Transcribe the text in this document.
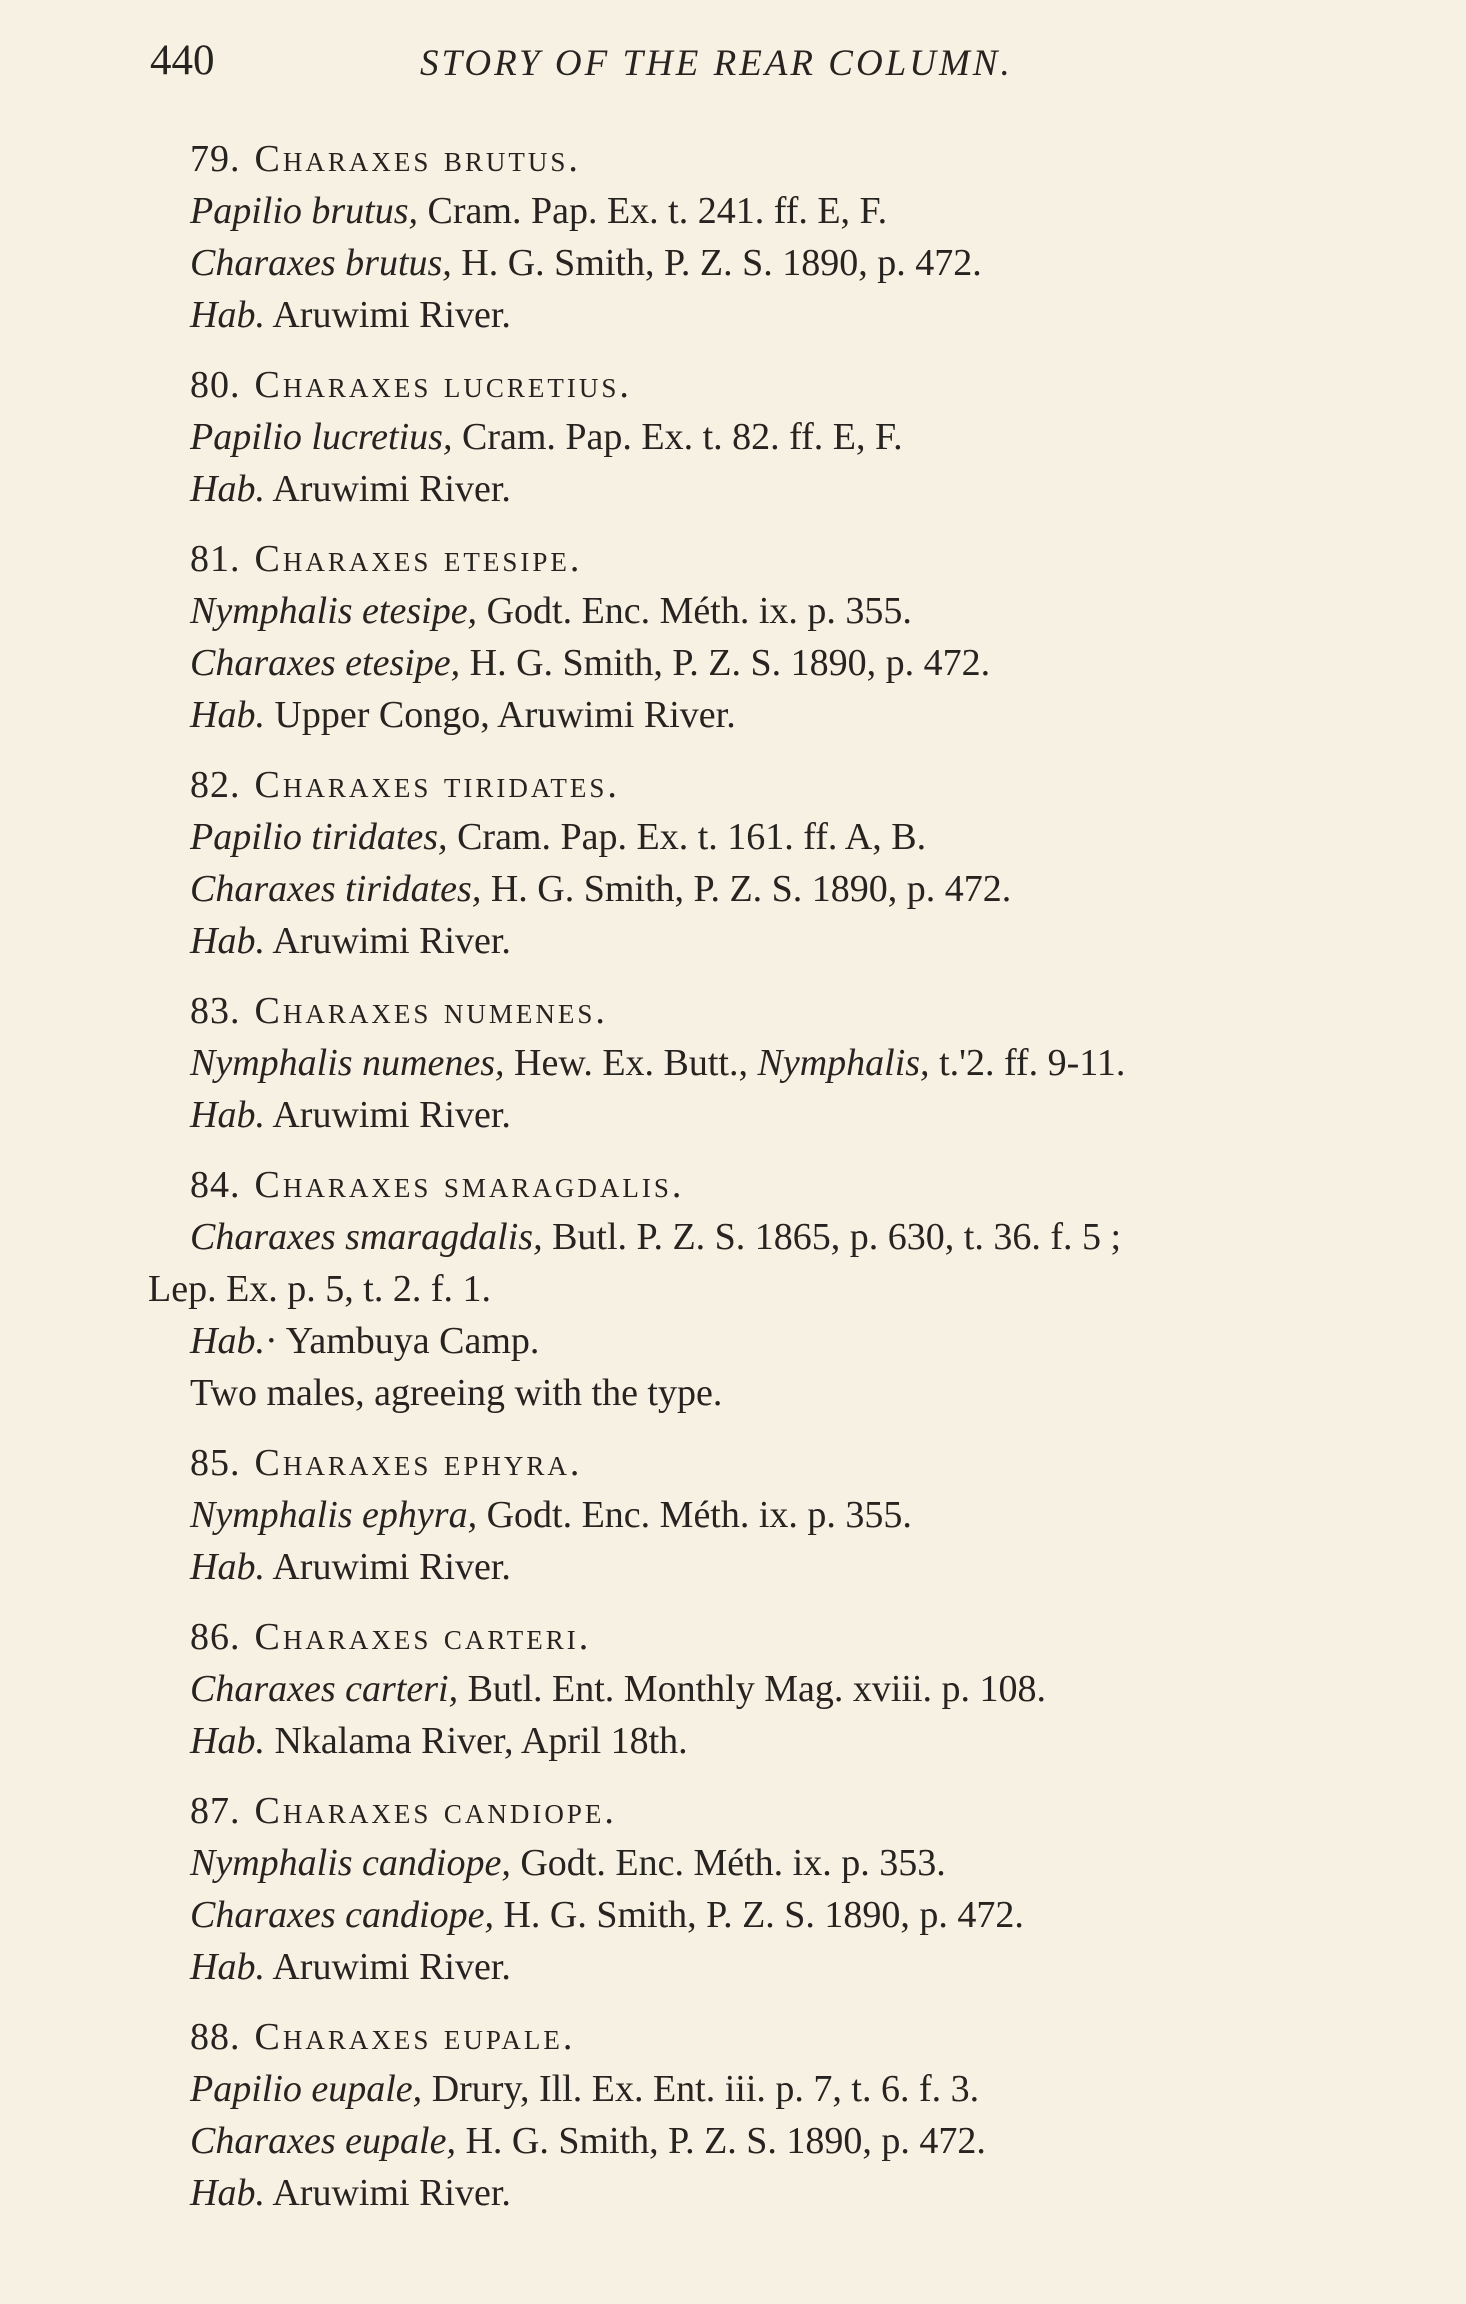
440	STORY OF THE REAR COLUMN.
79. Charaxes brutus.
Papilio brutus, Cram. Pap. Ex. t. 241. ff. E, F.
Charaxes brutus, H. G. Smith, P. Z. S. 1890, p. 472.
Hab. Aruwimi River.
80. Charaxes lucretius.
Papilio lucretius, Cram. Pap. Ex. t. 82. ff. E, F.
Hab. Aruwimi River.
81. Charaxes etesipe.
Nymphalis etesipe, Godt. Enc. Méth. ix. p. 355.
Charaxes etesipe, H. G. Smith, P. Z. S. 1890, p. 472.
Hab. Upper Congo, Aruwimi River.
82. Charaxes tiridates.
Papilio tiridates, Cram. Pap. Ex. t. 161. ff. A, B.
Charaxes tiridates, H. G. Smith, P. Z. S. 1890, p. 472.
Hab. Aruwimi River.
83. Charaxes numenes.
Nymphalis numenes, Hew. Ex. Butt., Nymphalis, t.'2. ff. 9-11.
Hab. Aruwimi River.
84. Charaxes smaragdalis.
Charaxes smaragdalis, Butl. P. Z. S. 1865, p. 630, t. 36. f. 5 ;
Lep. Ex. p. 5, t. 2. f. 1.
Hab.· Yambuya Camp.
Two males, agreeing with the type.
85. Charaxes ephyra.
Nymphalis ephyra, Godt. Enc. Méth. ix. p. 355.
Hab. Aruwimi River.
86. Charaxes carteri.
Charaxes carteri, Butl. Ent. Monthly Mag. xviii. p. 108.
Hab. Nkalama River, April 18th.
87. Charaxes candiope.
Nymphalis candiope, Godt. Enc. Méth. ix. p. 353.
Charaxes candiope, H. G. Smith, P. Z. S. 1890, p. 472.
Hab. Aruwimi River.
88. Charaxes eupale.
Papilio eupale, Drury, Ill. Ex. Ent. iii. p. 7, t. 6. f. 3.
Charaxes eupale, H. G. Smith, P. Z. S. 1890, p. 472.
Hab. Aruwimi River.
